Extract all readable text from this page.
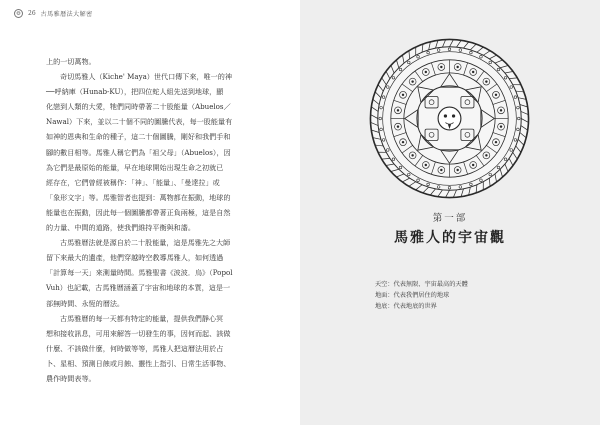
❂	26 古馬雅曆法大解密

上的一切萬物。

奇切馬雅人（Kiche' Maya）世代口傳下來，唯一的神

──呼納庫（Hunab-KU），把四位蛇人組先送到地球，顯

化戀到人類的大愛，牠們同時帶著二十股能量（Abuelos／

Nawal）下來，並以二十個不同的圖騰代表，每一股能量有

如神的恩典和生命的種子，這二十個圖騰，剛好和我們手和

腳的數目相等。馬雅人稱它們為「祖父母」（Abuelos），因

為它們是最原始的能量，早在地球開始出現生命之初就已

經存在，它們曾經被稱作：「神」、「能量」、「曼達拉」或

「象形文字」等。馬雅智者也提到：萬物都在振動，地球的

能量也在振動，因此每一個圖騰都帶著正負兩極，這是自然

的力量、中間的道路，使我們維持平衡與和諧。

古馬雅曆法就是源自於二十股能量，這是馬雅先之大師

留下來最大的遺產，他們穿越時空教導馬雅人，如何透過

「計算每一天」來測量時間。馬雅聖書《波波．烏》（Popol

Vuh）也記載，古馬雅曆涵蓋了宇宙和地球的本質，這是一

部無時間、永恆的曆法。

古馬雅曆的每一天都有特定的能量，提供我們靜心冥

想和接收訊息，可用來解答一切發生的事，因何而起、該做

什麼、不該做什麼，何時做等等，馬雅人把這曆法用於占

卜、星相、預測日蝕或月蝕、靈性上指引、日常生活事物、

農作時間表等。

第一部
馬雅人的宇宙觀
天空：代表無限、宇宙最高的天體
地面：代表我們居住的地球
地底：代表地底的世界
